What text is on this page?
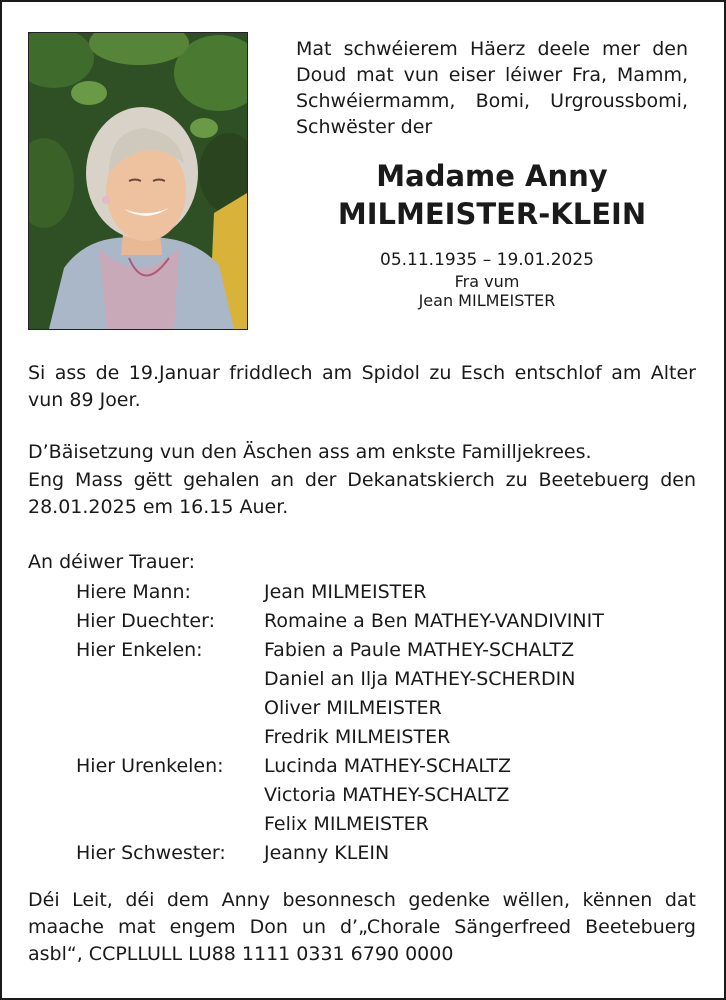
Mat schwéierem Häerz deele mer den Doud mat vun eiser léiwer Fra, Mamm, Schwéiermamm, Bomi, Urgroussbomi, Schwëster der

Madame Anny
MILMEISTER-KLEIN

05.11.1935 – 19.01.2025

Fra vum

Jean MILMEISTER

Si ass de 19.Januar friddlech am Spidol zu Esch entschlof am Alter vun 89 Joer.

D’Bäisetzung vun den Äschen ass am enkste Familljekrees.

Eng Mass gëtt gehalen an der Dekanatskierch zu Beetebuerg den 28.01.2025 em 16.15 Auer.

An déiwer Trauer:

Hiere Mann:	Jean MILMEISTER
Hier Duechter:	Romaine a Ben MATHEY-VANDIVINIT
Hier Enkelen:	Fabien a Paule MATHEY-SCHALTZ
Daniel an Ilja MATHEY-SCHERDIN
Oliver MILMEISTER
Fredrik MILMEISTER
Hier Urenkelen:	Lucinda MATHEY-SCHALTZ
Victoria MATHEY-SCHALTZ
Felix MILMEISTER
Hier Schwester:	Jeanny KLEIN

Déi Leit, déi dem Anny besonnesch gedenke wëllen, kënnen dat maache mat engem Don un d’„Chorale Sängerfreed Beetebuerg asbl“, CCPLLULL LU88 1111 0331 6790 0000
